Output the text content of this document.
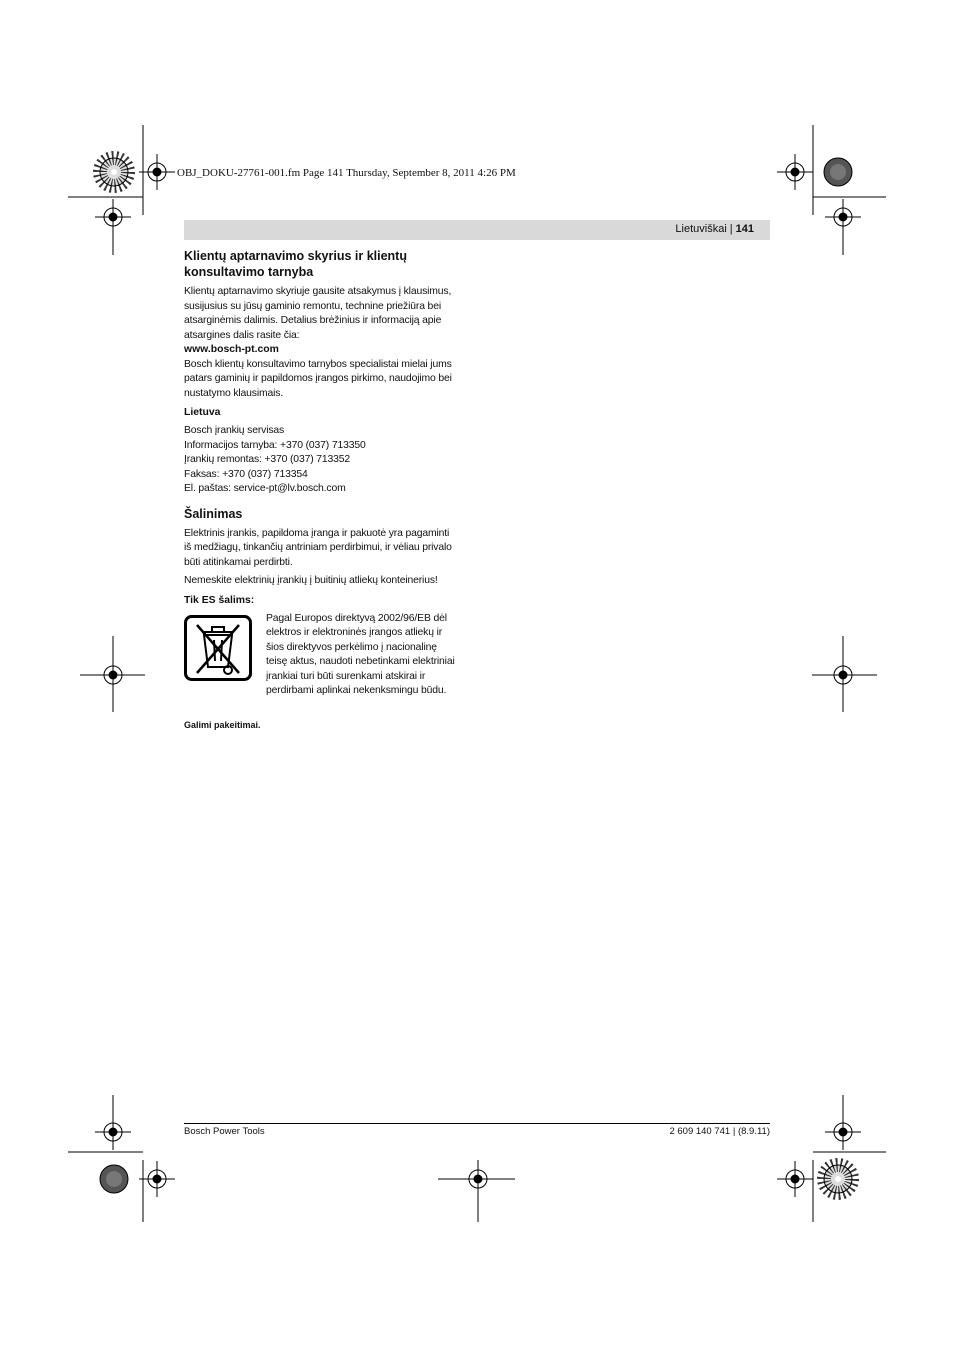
OBJ_DOKU-27761-001.fm Page 141 Thursday, September 8, 2011 4:26 PM
Lietuviškai | 141
Klientų aptarnavimo skyrius ir klientų
konsultavimo tarnyba
Klientų aptarnavimo skyriuje gausite atsakymus į klausimus,
susijusius su jūsų gaminio remontu, technine priežiūra bei
atsarginėmis dalimis. Detalius brėžinius ir informaciją apie
atsargines dalis rasite čia:
www.bosch-pt.com
Bosch klientų konsultavimo tarnybos specialistai mielai jums
patars gaminių ir papildomos įrangos pirkimo, naudojimo bei
nustatymo klausimais.
Lietuva
Bosch įrankių servisas
Informacijos tarnyba: +370 (037) 713350
Įrankių remontas: +370 (037) 713352
Faksas: +370 (037) 713354
El. paštas: service-pt@lv.bosch.com
Šalinimas
Elektrinis įrankis, papildoma įranga ir pakuotė yra pagaminti
iš medžiagų, tinkančių antriniam perdirbimui, ir vėliau privalo
būti atitinkamai perdirbti.
Nemeskite elektrinių įrankių į buitinių atliekų konteinerius!
Tik ES šalims:
Pagal Europos direktyvą 2002/96/EB dėl
elektros ir elektroninės įrangos atliekų ir
šios direktyvos perkėlimo į nacionalinę
teisę aktus, naudoti nebetinkami elektriniai
įrankiai turi būti surenkami atskirai ir
perdirbami aplinkai nekenksmingu būdu.
Galimi pakeitimai.
Bosch Power Tools	2 609 140 741 | (8.9.11)
